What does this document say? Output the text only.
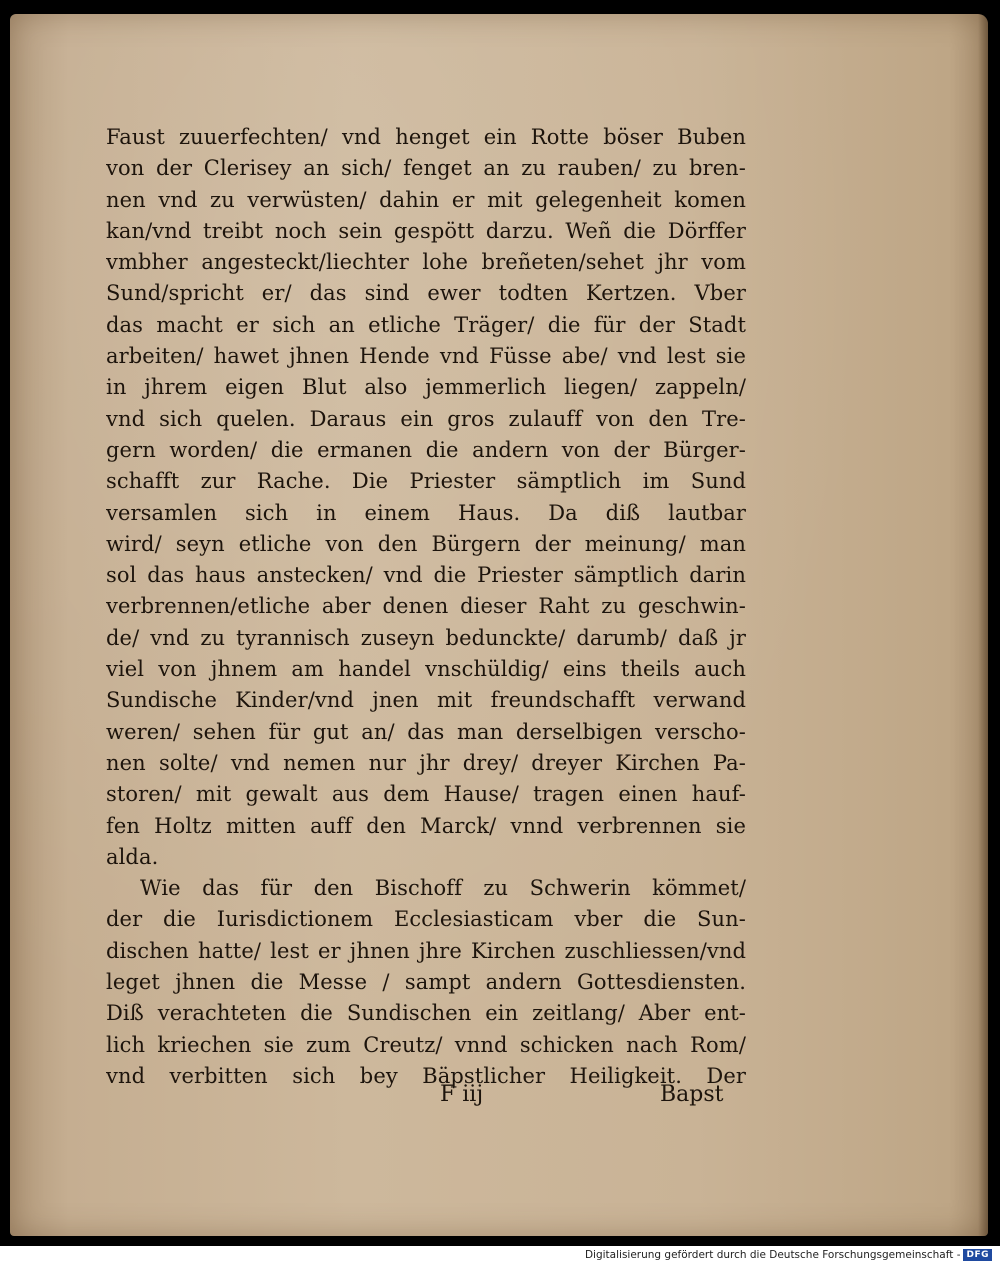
Faust zuuerfechten/ vnd henget ein Rotte böser Buben
von der Clerisey an sich/ fenget an zu rauben/ zu bren-
nen vnd zu verwüsten/ dahin er mit gelegenheit komen
kan/vnd treibt noch sein gespött darzu. Weñ die Dörffer
vmbher angesteckt/liechter lohe breñeten/sehet jhr vom
Sund/spricht er/ das sind ewer todten Kertzen. Vber
das macht er sich an etliche Träger/ die für der Stadt
arbeiten/ hawet jhnen Hende vnd Füsse abe/ vnd lest sie
in jhrem eigen Blut also jemmerlich liegen/ zappeln/
vnd sich quelen. Daraus ein gros zulauff von den Tre-
gern worden/ die ermanen die andern von der Bürger-
schafft zur Rache. Die Priester sämptlich im Sund
versamlen sich in einem Haus. Da diß lautbar
wird/ seyn etliche von den Bürgern der meinung/ man
sol das haus anstecken/ vnd die Priester sämptlich darin
verbrennen/etliche aber denen dieser Raht zu geschwin-
de/ vnd zu tyrannisch zuseyn bedunckte/ darumb/ daß jr
viel von jhnem am handel vnschüldig/ eins theils auch
Sundische Kinder/vnd jnen mit freundschafft verwand
weren/ sehen für gut an/ das man derselbigen verscho-
nen solte/ vnd nemen nur jhr drey/ dreyer Kirchen Pa-
storen/ mit gewalt aus dem Hause/ tragen einen hauf-
fen Holtz mitten auff den Marck/ vnnd verbrennen sie
alda.
Wie das für den Bischoff zu Schwerin kömmet/
der die Iurisdictionem Ecclesiasticam vber die Sun-
dischen hatte/ lest er jhnen jhre Kirchen zuschliessen/vnd
leget jhnen die Messe / sampt andern Gottesdiensten.
Diß verachteten die Sundischen ein zeitlang/ Aber ent-
lich kriechen sie zum Creutz/ vnnd schicken nach Rom/
vnd verbitten sich bey Bäpstlicher Heiligkeit. Der
F iij	Bapst
Digitalisierung gefördert durch die Deutsche Forschungsgemeinschaft - DFG
